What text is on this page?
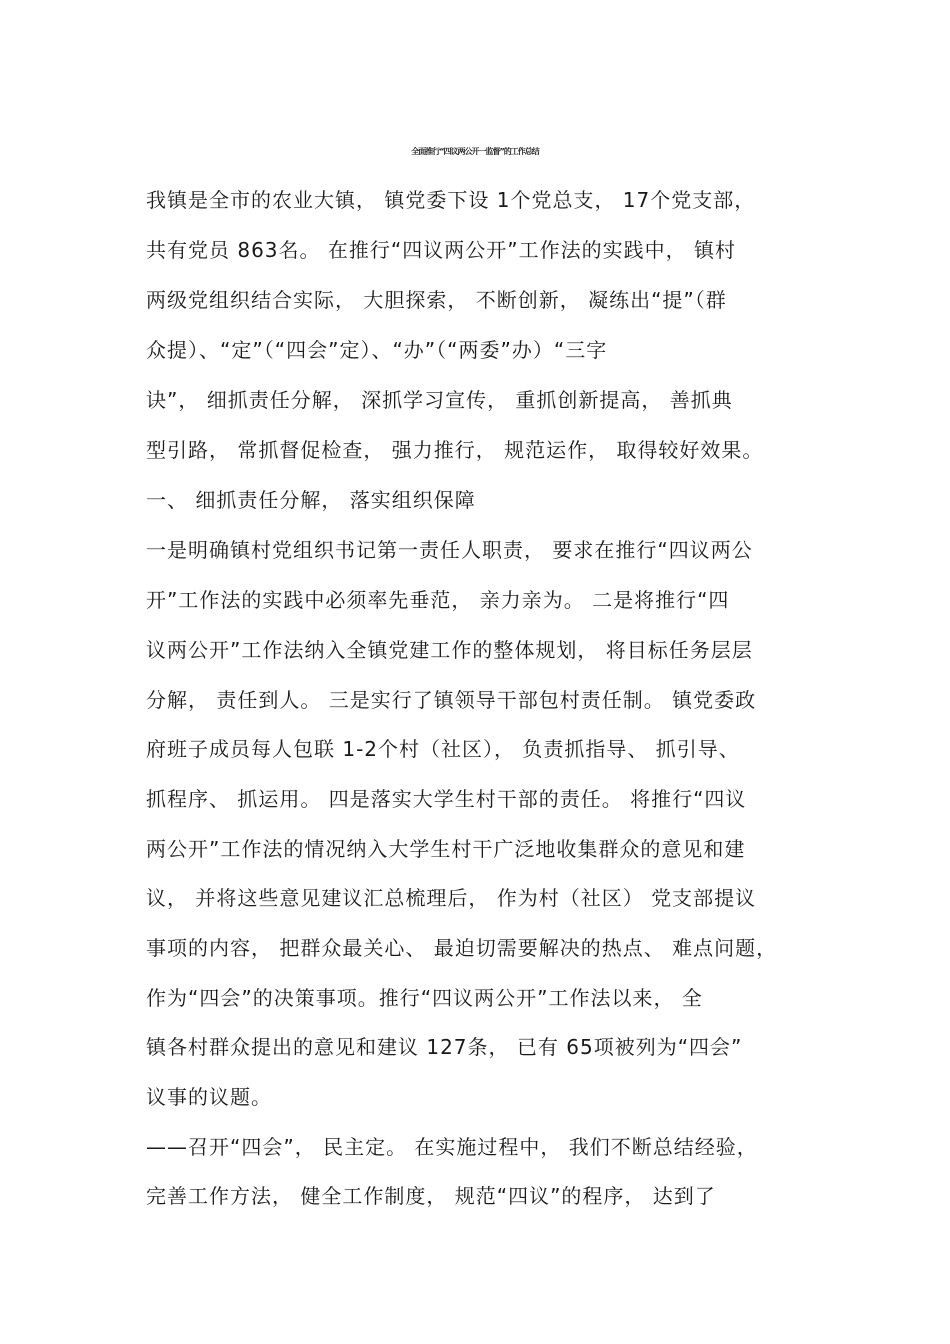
全面推行“四议两公开一监督”的工作总结
我镇是全市的农业大镇， 镇党委下设 1个党总支， 17个党支部，
共有党员 863名。 在推行“四议两公开”工作法的实践中， 镇村
两级党组织结合实际， 大胆探索， 不断创新， 凝练出“提”（群
众提）、“定”（“四会”定）、“办”（“两委”办）“三字
诀”， 细抓责任分解， 深抓学习宣传， 重抓创新提高， 善抓典
型引路， 常抓督促检查， 强力推行， 规范运作， 取得较好效果。
一、 细抓责任分解， 落实组织保障
一是明确镇村党组织书记第一责任人职责， 要求在推行“四议两公
开”工作法的实践中必须率先垂范， 亲力亲为。 二是将推行“四
议两公开”工作法纳入全镇党建工作的整体规划， 将目标任务层层
分解， 责任到人。 三是实行了镇领导干部包村责任制。 镇党委政
府班子成员每人包联 1-2个村（社区）， 负责抓指导、 抓引导、
抓程序、 抓运用。 四是落实大学生村干部的责任。 将推行“四议
两公开”工作法的情况纳入大学生村干广泛地收集群众的意见和建
议， 并将这些意见建议汇总梳理后， 作为村（社区） 党支部提议
事项的内容， 把群众最关心、 最迫切需要解决的热点、 难点问题，
作为“四会”的决策事项。推行“四议两公开”工作法以来， 全
镇各村群众提出的意见和建议 127条， 已有 65项被列为“四会”
议事的议题。
——召开“四会”， 民主定。 在实施过程中， 我们不断总结经验，
完善工作方法， 健全工作制度， 规范“四议”的程序， 达到了
